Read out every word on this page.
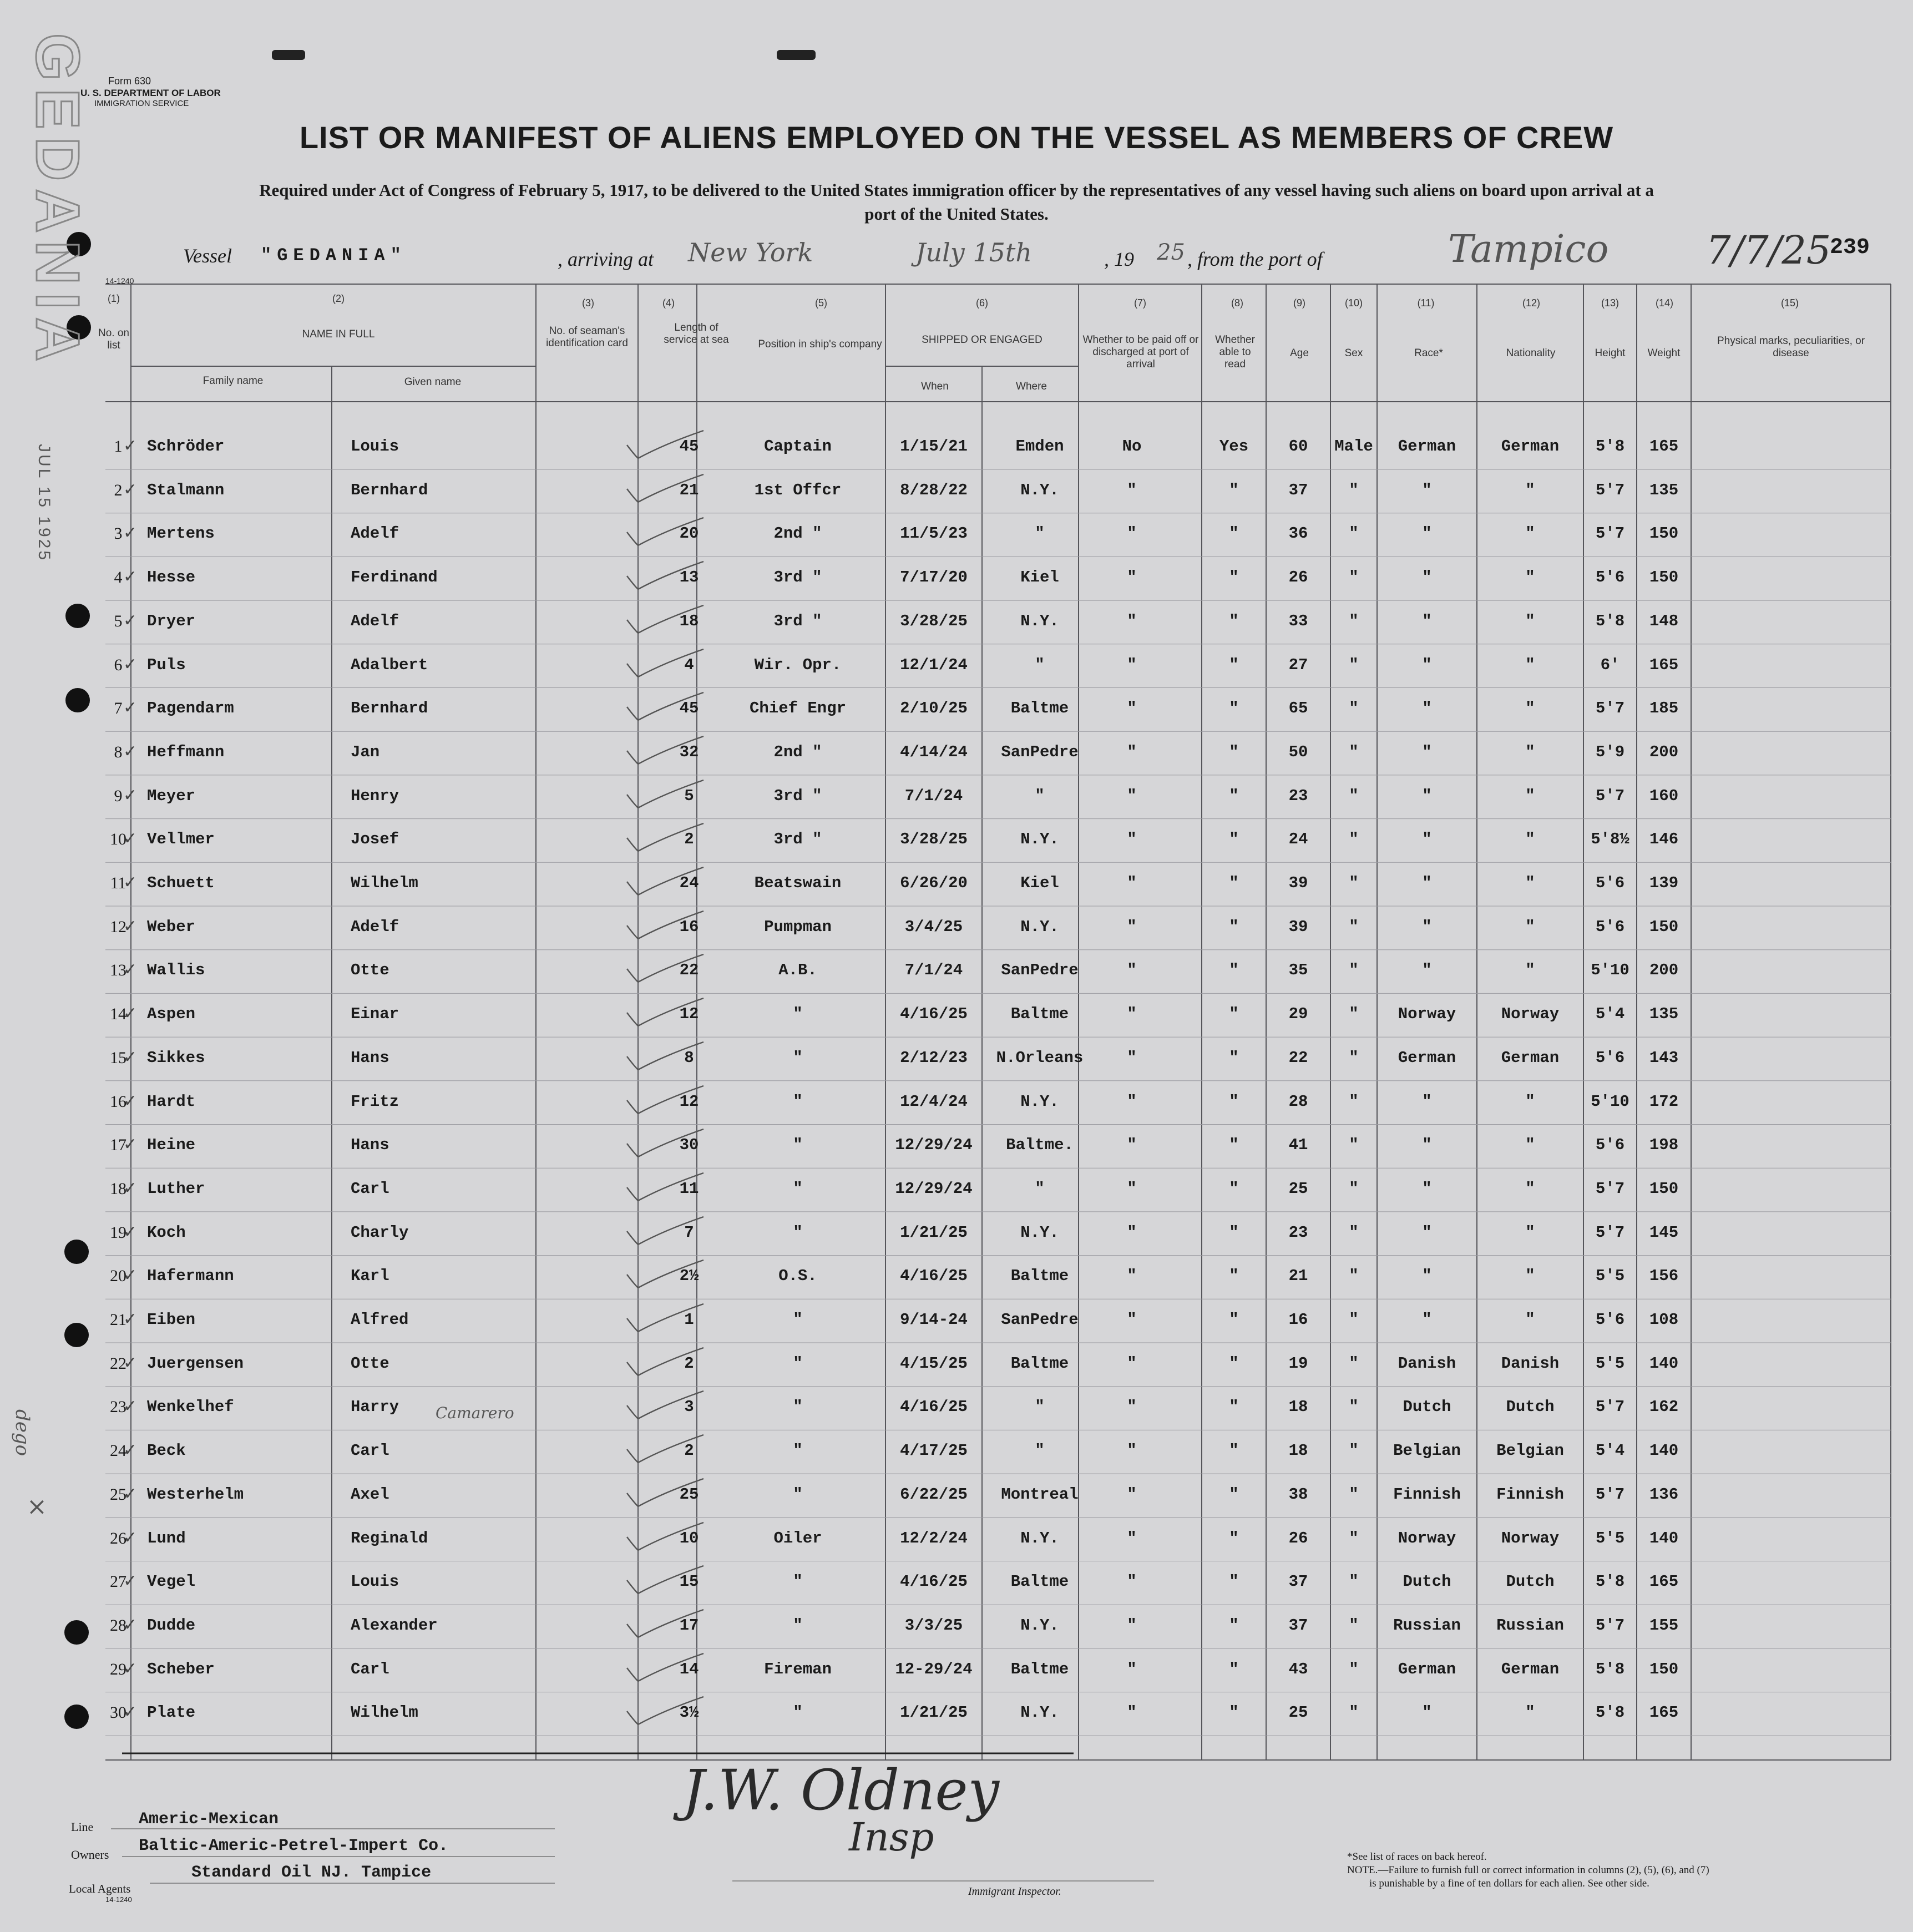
GEDANIA
JUL 15 1925
dego
×
Form 630
U. S. DEPARTMENT OF LABOR
IMMIGRATION SERVICE
LIST OR MANIFEST OF ALIENS EMPLOYED ON THE VESSEL AS MEMBERS OF CREW
Required under Act of Congress of February 5, 1917, to be delivered to the United States immigration officer by the representatives of any vessel having such aliens on board upon arrival at a
port of the United States.
Vessel "GEDANIA"	, arriving at New York	July 15th	, 19 25 , from the port of	Tampico	7/7/25
239
14-1240
(1)
No. on list
(2)
NAME IN FULL
Family name	Given name
(3)
No. of seaman's identification card
(4)
Length of service at sea
(5)
Position in ship's company
(6)
SHIPPED OR ENGAGED
When	Where
(7)
Whether to be paid off or discharged at port of arrival
(8)
Whether able to read
(9)
Age
(10)
Sex
(11)
Race*
(12)
Nationality
(13)
Height
(14)
Weight
(15)
Physical marks, peculiarities, or disease
1	Schröder	Louis	45	Captain	1/15/21	Emden	No	Yes	60	Male	German	German	5'8	165
✓
2	Stalmann	Bernhard	21	1st Offcr	8/28/22	N.Y.	"	"	37	"	"	"	5'7	135
✓
3	Mertens	Adelf	20	2nd "	11/5/23	"	"	"	36	"	"	"	5'7	150
✓
4	Hesse	Ferdinand	13	3rd "	7/17/20	Kiel	"	"	26	"	"	"	5'6	150
✓
5	Dryer	Adelf	18	3rd "	3/28/25	N.Y.	"	"	33	"	"	"	5'8	148
✓
6	Puls	Adalbert	4	Wir. Opr.	12/1/24	"	"	"	27	"	"	"	6'	165
✓
7	Pagendarm	Bernhard	45	Chief Engr	2/10/25	Baltme	"	"	65	"	"	"	5'7	185
✓
8	Heffmann	Jan	32	2nd "	4/14/24	SanPedre	"	"	50	"	"	"	5'9	200
✓
9	Meyer	Henry	5	3rd "	7/1/24	"	"	"	23	"	"	"	5'7	160
✓
10	Vellmer	Josef	2	3rd "	3/28/25	N.Y.	"	"	24	"	"	"	5'8½	146
✓
11	Schuett	Wilhelm	24	Beatswain	6/26/20	Kiel	"	"	39	"	"	"	5'6	139
✓
12	Weber	Adelf	16	Pumpman	3/4/25	N.Y.	"	"	39	"	"	"	5'6	150
✓
13	Wallis	Otte	22	A.B.	7/1/24	SanPedre	"	"	35	"	"	"	5'10	200
✓
14	Aspen	Einar	12	"	4/16/25	Baltme	"	"	29	"	Norway	Norway	5'4	135
✓
15	Sikkes	Hans	8	"	2/12/23	N.Orleans	"	"	22	"	German	German	5'6	143
✓
16	Hardt	Fritz	12	"	12/4/24	N.Y.	"	"	28	"	"	"	5'10	172
✓
17	Heine	Hans	30	"	12/29/24	Baltme.	"	"	41	"	"	"	5'6	198
✓
18	Luther	Carl	11	"	12/29/24	"	"	"	25	"	"	"	5'7	150
✓
19	Koch	Charly	7	"	1/21/25	N.Y.	"	"	23	"	"	"	5'7	145
✓
20	Hafermann	Karl	2½	O.S.	4/16/25	Baltme	"	"	21	"	"	"	5'5	156
✓
21	Eiben	Alfred	1	"	9/14-24	SanPedre	"	"	16	"	"	"	5'6	108
✓
22	Juergensen	Otte	2	"	4/15/25	Baltme	"	"	19	"	Danish	Danish	5'5	140
✓
23	Wenkelhef	Harry	3	"	4/16/25	"	"	"	18	"	Dutch	Dutch	5'7	162
✓
24	Beck	Carl	2	"	4/17/25	"	"	"	18	"	Belgian	Belgian	5'4	140
✓
25	Westerhelm	Axel	25	"	6/22/25	Montreal	"	"	38	"	Finnish	Finnish	5'7	136
✓
26	Lund	Reginald	10	Oiler	12/2/24	N.Y.	"	"	26	"	Norway	Norway	5'5	140
✓
27	Vegel	Louis	15	"	4/16/25	Baltme	"	"	37	"	Dutch	Dutch	5'8	165
✓
28	Dudde	Alexander	17	"	3/3/25	N.Y.	"	"	37	"	Russian	Russian	5'7	155
✓
29	Scheber	Carl	14	Fireman	12-29/24	Baltme	"	"	43	"	German	German	5'8	150
✓
30	Plate	Wilhelm	3½	"	1/21/25	N.Y.	"	"	25	"	"	"	5'8	165
✓
Camarero
Line	Americ-Mexican
Owners Baltic-Americ-Petrel-Impert Co.
Standard Oil NJ. Tampice
Local Agents
14-1240
J.W. Oldney
Insp
Immigrant Inspector.
*See list of races on back hereof.
NOTE.—Failure to furnish full or correct information in columns (2), (5), (6), and (7)
is punishable by a fine of ten dollars for each alien. See other side.
